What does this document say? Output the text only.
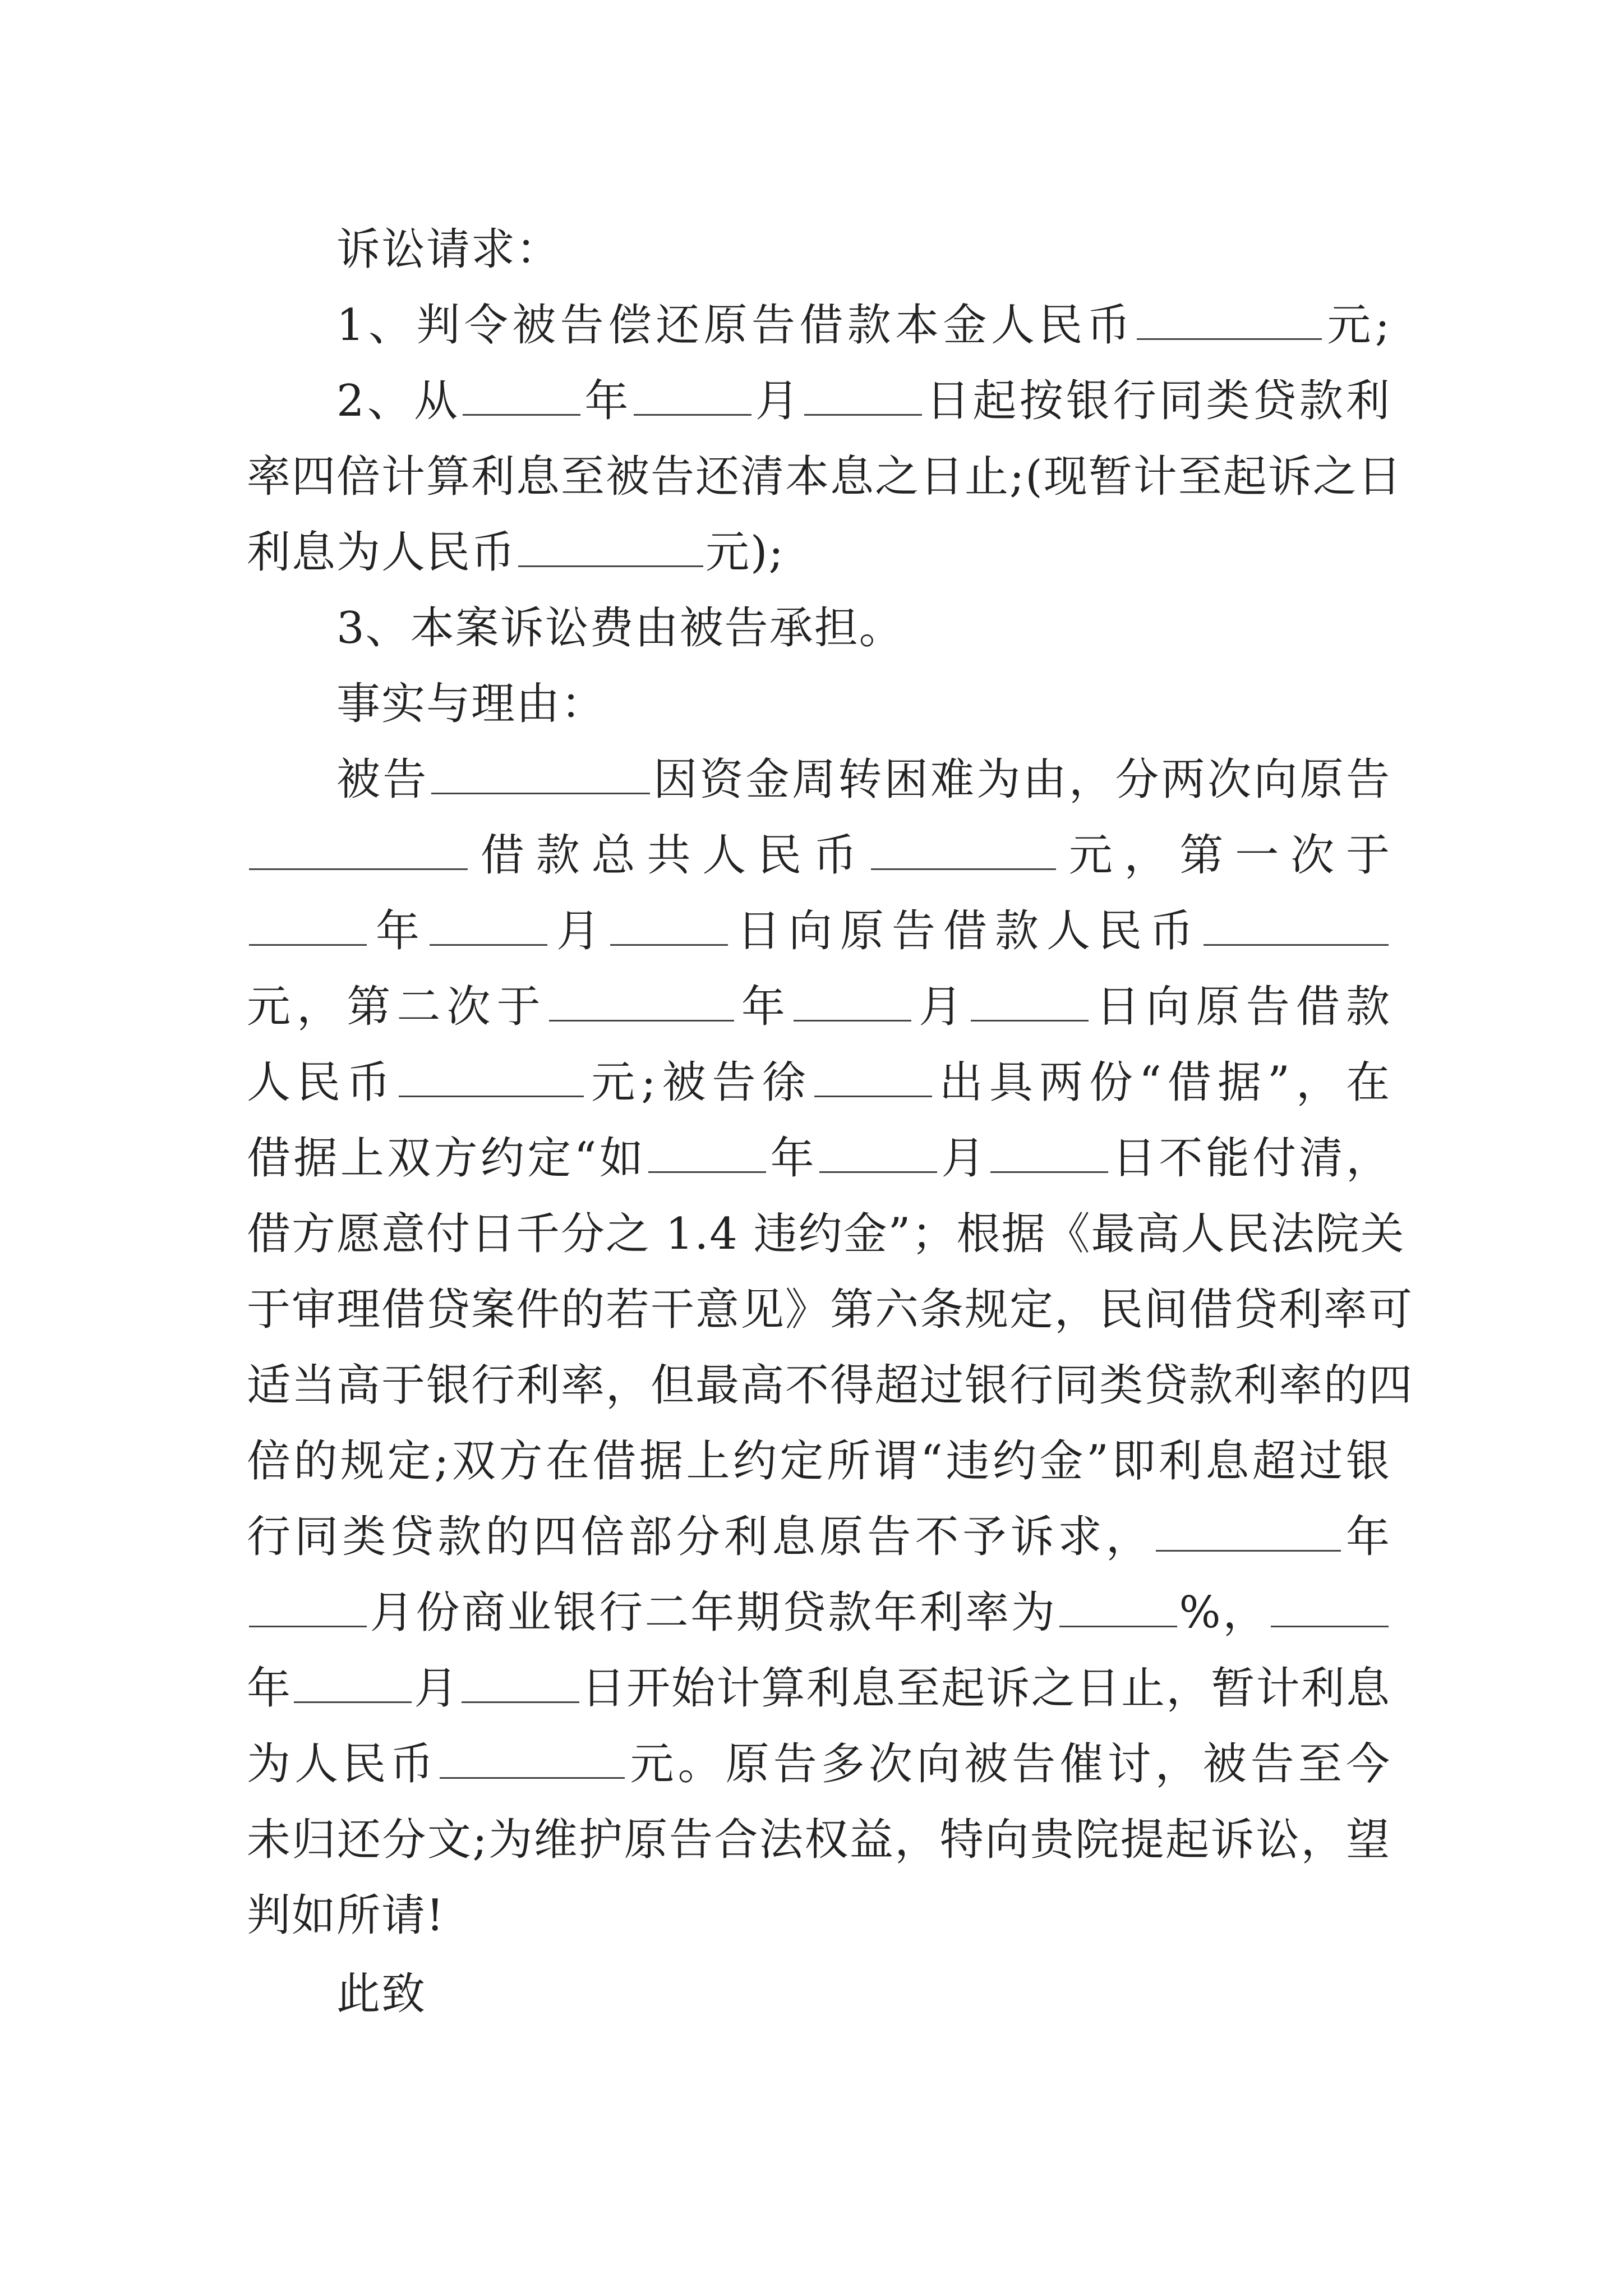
诉讼请求：
1、判令被告偿还原告借款本金人民币	元;
2、从	年	月	日起按银行同类贷款利
率四倍计算利息至被告还清本息之日止;(现暂计至起诉之日
利息为人民币	元);
3、本案诉讼费由被告承担。
事实与理由：
被告	因资金周转困难为由，分两次向原告
借款总共人民币	元，第一次于
年	月	日向原告借款人民币
元，第二次于	年	月	日向原告借款
人民币	元;被告徐	出具两份“借据”，在
借据上双方约定“如	年	月	日不能付清，
借方愿意付日千分之 1.4 违约金”；根据《最高人民法院关
于审理借贷案件的若干意见》第六条规定，民间借贷利率可
适当高于银行利率，但最高不得超过银行同类贷款利率的四
倍的规定;双方在借据上约定所谓“违约金”即利息超过银
行同类贷款的四倍部分利息原告不予诉求，	年
月份商业银行二年期贷款年利率为	%，
年	月	日开始计算利息至起诉之日止，暂计利息
为人民币	元。原告多次向被告催讨，被告至今
未归还分文;为维护原告合法权益，特向贵院提起诉讼，望
判如所请!
此致
